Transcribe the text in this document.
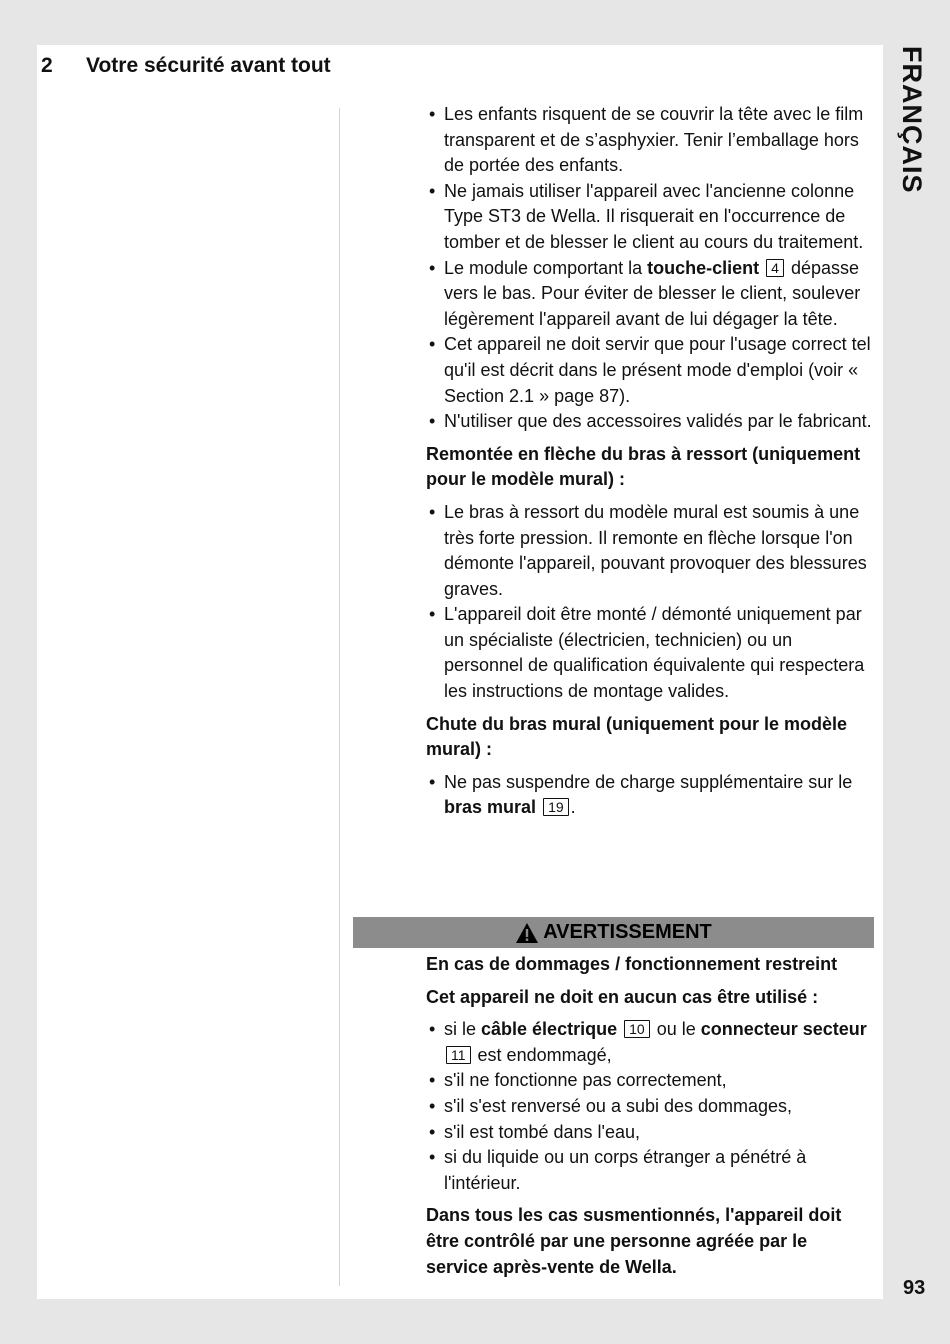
2 Votre sécurité avant tout	FRANÇAIS
• Les enfants risquent de se couvrir la tête avec le film transparent et de s’asphyxier. Tenir l’emballage hors de portée des enfants.
• Ne jamais utiliser l'appareil avec l'ancienne colonne Type ST3 de Wella. Il risquerait en l'occurrence de tomber et de blesser le client au cours du traitement.
• Le module comportant la touche-client 4 dépasse vers le bas. Pour éviter de blesser le client, soulever légèrement l'appareil avant de lui dégager la tête.
• Cet appareil ne doit servir que pour l'usage correct tel qu'il est décrit dans le présent mode d'emploi (voir « Section 2.1 » page 87).
• N'utiliser que des accessoires validés par le fabricant.
Remontée en flèche du bras à ressort (uniquement pour le modèle mural) :
• Le bras à ressort du modèle mural est soumis à une très forte pression. Il remonte en flèche lorsque l'on démonte l'appareil, pouvant provoquer des blessures graves.
• L'appareil doit être monté / démonté uniquement par un spécialiste (électricien, technicien) ou un personnel de qualification équivalente qui respectera les instructions de montage valides.
Chute du bras mural (uniquement pour le modèle mural) :
• Ne pas suspendre de charge supplémentaire sur le bras mural 19 .
AVERTISSEMENT
En cas de dommages / fonctionnement restreint
Cet appareil ne doit en aucun cas être utilisé :
• si le câble électrique 10 ou le connecteur secteur 11 est endommagé,
• s'il ne fonctionne pas correctement,
• s'il s'est renversé ou a subi des dommages,
• s'il est tombé dans l'eau,
• si du liquide ou un corps étranger a pénétré à l'intérieur.
Dans tous les cas susmentionnés, l'appareil doit être contrôlé par une personne agréée par le service après-vente de Wella.
93
